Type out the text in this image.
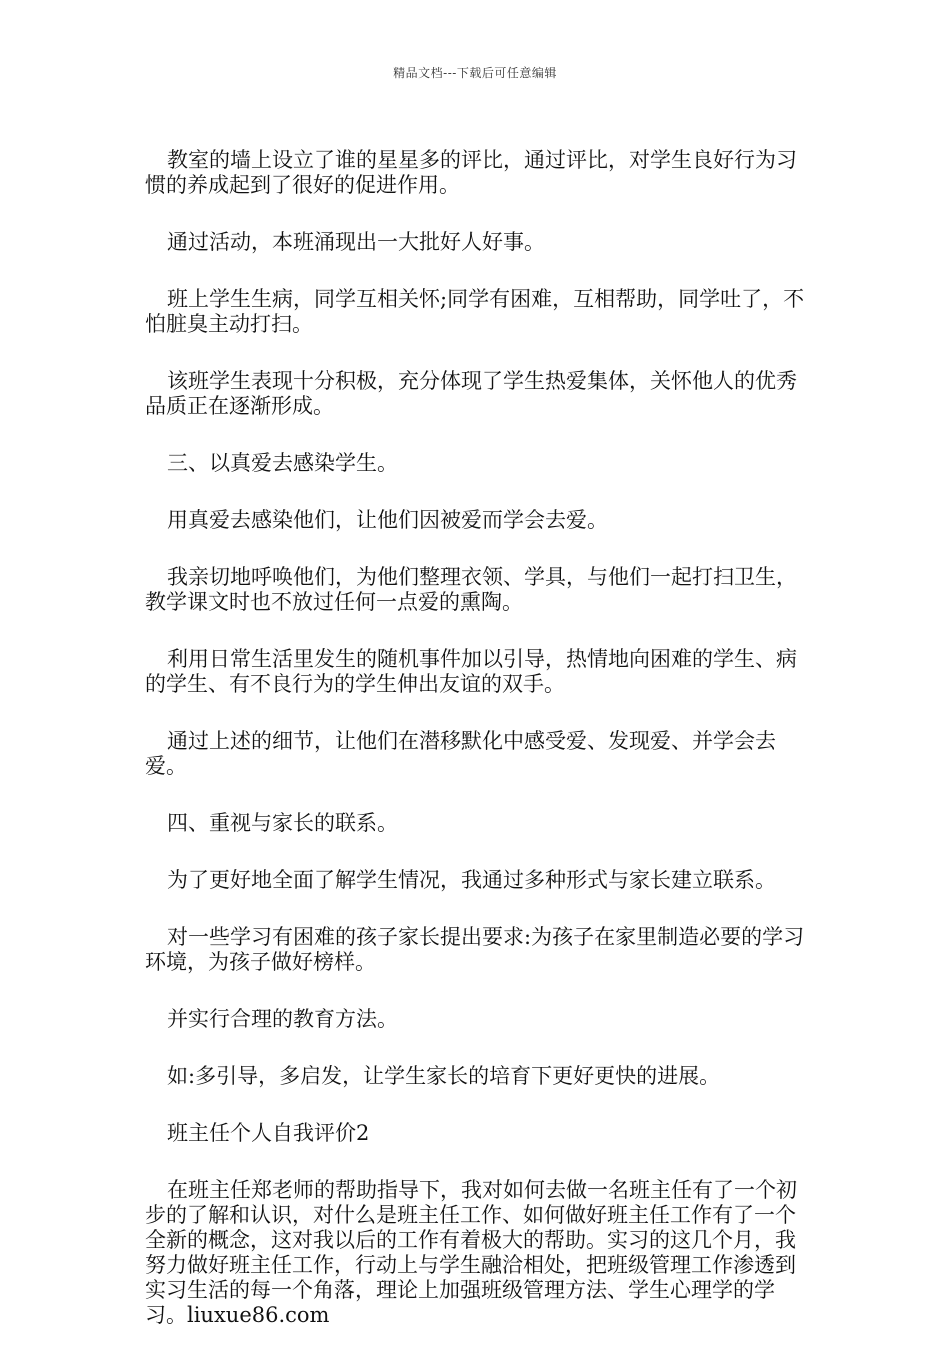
精品文档---下载后可任意编辑

教室的墙上设立了谁的星星多的评比，通过评比，对学生良好行为习惯的养成起到了很好的促进作用。

通过活动，本班涌现出一大批好人好事。

班上学生生病，同学互相关怀;同学有困难，互相帮助，同学吐了，不怕脏臭主动打扫。

该班学生表现十分积极，充分体现了学生热爱集体，关怀他人的优秀品质正在逐渐形成。

三、以真爱去感染学生。

用真爱去感染他们，让他们因被爱而学会去爱。

我亲切地呼唤他们，为他们整理衣领、学具，与他们一起打扫卫生，教学课文时也不放过任何一点爱的熏陶。

利用日常生活里发生的随机事件加以引导，热情地向困难的学生、病的学生、有不良行为的学生伸出友谊的双手。

通过上述的细节，让他们在潜移默化中感受爱、发现爱、并学会去爱。

四、重视与家长的联系。

为了更好地全面了解学生情况，我通过多种形式与家长建立联系。

对一些学习有困难的孩子家长提出要求:为孩子在家里制造必要的学习环境，为孩子做好榜样。

并实行合理的教育方法。

如:多引导，多启发，让学生家长的培育下更好更快的进展。

班主任个人自我评价2

在班主任郑老师的帮助指导下，我对如何去做一名班主任有了一个初步的了解和认识，对什么是班主任工作、如何做好班主任工作有了一个全新的概念，这对我以后的工作有着极大的帮助。实习的这几个月，我努力做好班主任工作，行动上与学生融洽相处，把班级管理工作渗透到实习生活的每一个角落，理论上加强班级管理方法、学生心理学的学习。liuxue86.com
